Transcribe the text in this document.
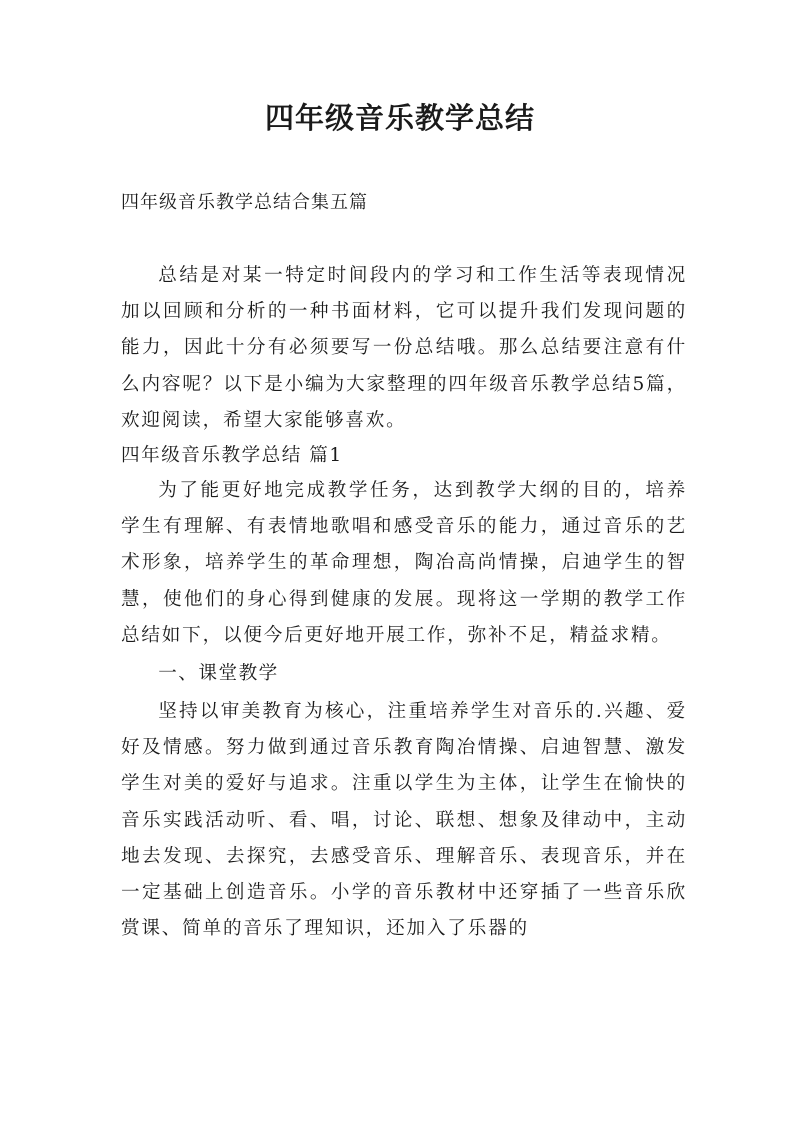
四年级音乐教学总结

四年级音乐教学总结合集五篇

总结是对某一特定时间段内的学习和工作生活等表现情况加以回顾和分析的一种书面材料，它可以提升我们发现问题的能力，因此十分有必须要写一份总结哦。那么总结要注意有什么内容呢？以下是小编为大家整理的四年级音乐教学总结5篇，欢迎阅读，希望大家能够喜欢。

四年级音乐教学总结 篇1

为了能更好地完成教学任务，达到教学大纲的目的，培养学生有理解、有表情地歌唱和感受音乐的能力，通过音乐的艺术形象，培养学生的革命理想，陶冶高尚情操，启迪学生的智慧，使他们的身心得到健康的发展。现将这一学期的教学工作总结如下，以便今后更好地开展工作，弥补不足，精益求精。

一、课堂教学

坚持以审美教育为核心，注重培养学生对音乐的.兴趣、爱好及情感。努力做到通过音乐教育陶冶情操、启迪智慧、激发学生对美的爱好与追求。注重以学生为主体，让学生在愉快的音乐实践活动听、看、唱，讨论、联想、想象及律动中，主动地去发现、去探究，去感受音乐、理解音乐、表现音乐，并在一定基础上创造音乐。小学的音乐教材中还穿插了一些音乐欣赏课、简单的音乐了理知识，还加入了乐器的
